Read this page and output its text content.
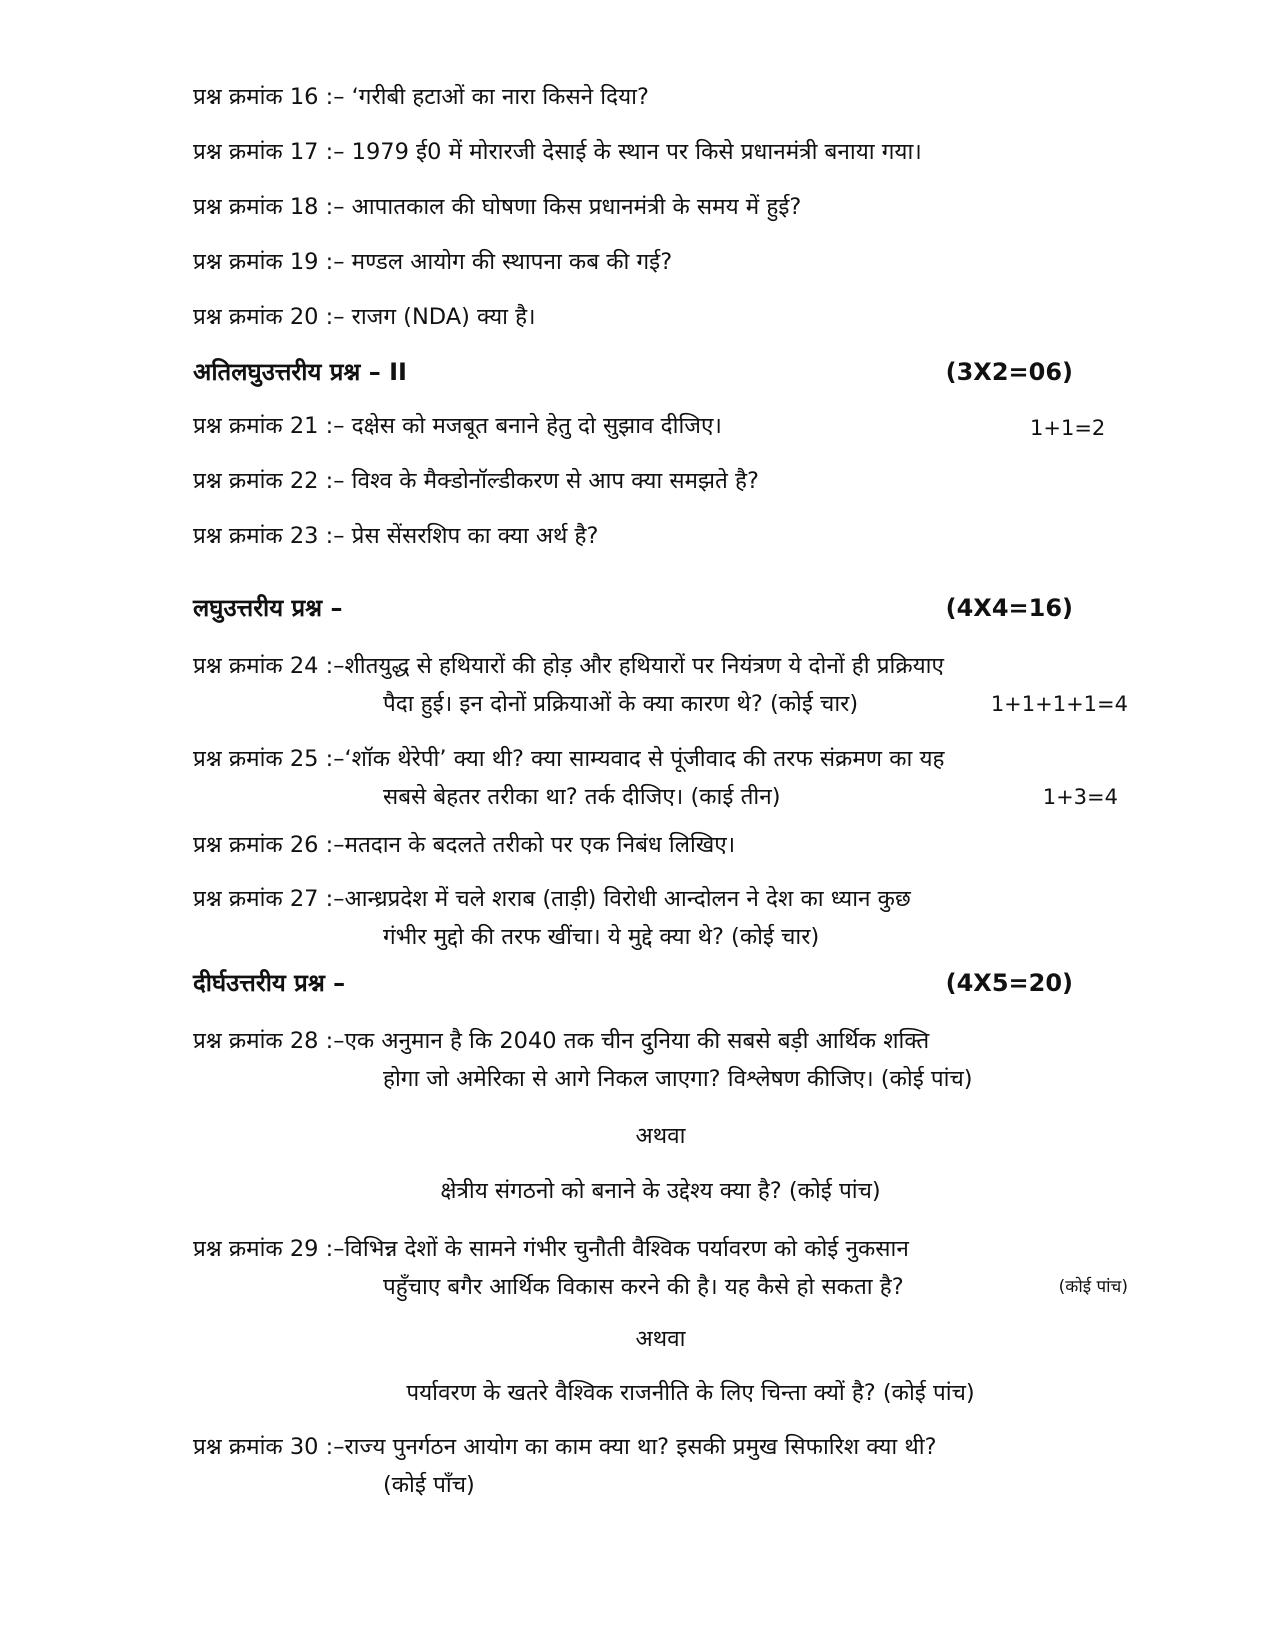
प्रश्न क्रमांक 16 :– ‘गरीबी हटाओं का नारा किसने दिया?
प्रश्न क्रमांक 17 :– 1979 ई0 में मोरारजी देसाई के स्थान पर किसे प्रधानमंत्री बनाया गया।
प्रश्न क्रमांक 18 :– आपातकाल की घोषणा किस प्रधानमंत्री के समय में हुई?
प्रश्न क्रमांक 19 :– मण्डल आयोग की स्थापना कब की गई?
प्रश्न क्रमांक 20 :– राजग (NDA) क्या है।
अतिलघुउत्तरीय प्रश्न – II	(3X2=06)
प्रश्न क्रमांक 21 :– दक्षेस को मजबूत बनाने हेतु दो सुझाव दीजिए।	1+1=2
प्रश्न क्रमांक 22 :– विश्व के मैक्डोनॉल्डीकरण से आप क्या समझते है?
प्रश्न क्रमांक 23 :– प्रेस सेंसरशिप का क्या अर्थ है?
लघुउत्तरीय प्रश्न –	(4X4=16)
प्रश्न क्रमांक 24 :– शीतयुद्ध से हथियारों की होड़ और हथियारों पर नियंत्रण ये दोनों ही प्रक्रियाए
पैदा हुई। इन दोनों प्रक्रियाओं के क्या कारण थे? (कोई चार)	1+1+1+1=4
प्रश्न क्रमांक 25 :– ‘शॉक थेरेपी’ क्या थी? क्या साम्यवाद से पूंजीवाद की तरफ संक्रमण का यह
सबसे बेहतर तरीका था? तर्क दीजिए। (काई तीन)	1+3=4
प्रश्न क्रमांक 26 :–मतदान के बदलते तरीको पर एक निबंध लिखिए।
प्रश्न क्रमांक 27 :– आन्ध्रप्रदेश में चले शराब (ताड़ी) विरोधी आन्दोलन ने देश का ध्यान कुछ
गंभीर मुद्दो की तरफ खींचा। ये मुद्दे क्या थे? (कोई चार)
दीर्घउत्तरीय प्रश्न –	(4X5=20)
प्रश्न क्रमांक 28 :– एक अनुमान है कि 2040 तक चीन दुनिया की सबसे बड़ी आर्थिक शक्ति
होगा जो अमेरिका से आगे निकल जाएगा? विश्लेषण कीजिए। (कोई पांच)
अथवा
क्षेत्रीय संगठनो को बनाने के उद्देश्य क्या है? (कोई पांच)
प्रश्न क्रमांक 29 :– विभिन्न देशों के सामने गंभीर चुनौती वैश्विक पर्यावरण को कोई नुकसान
पहुँचाए बगैर आर्थिक विकास करने की है। यह कैसे हो सकता है?	(कोई पांच)
अथवा
पर्यावरण के खतरे वैश्विक राजनीति के लिए चिन्ता क्यों है? (कोई पांच)
प्रश्न क्रमांक 30 :– राज्य पुनर्गठन आयोग का काम क्या था? इसकी प्रमुख सिफारिश क्या थी?
(कोई पाँच)
